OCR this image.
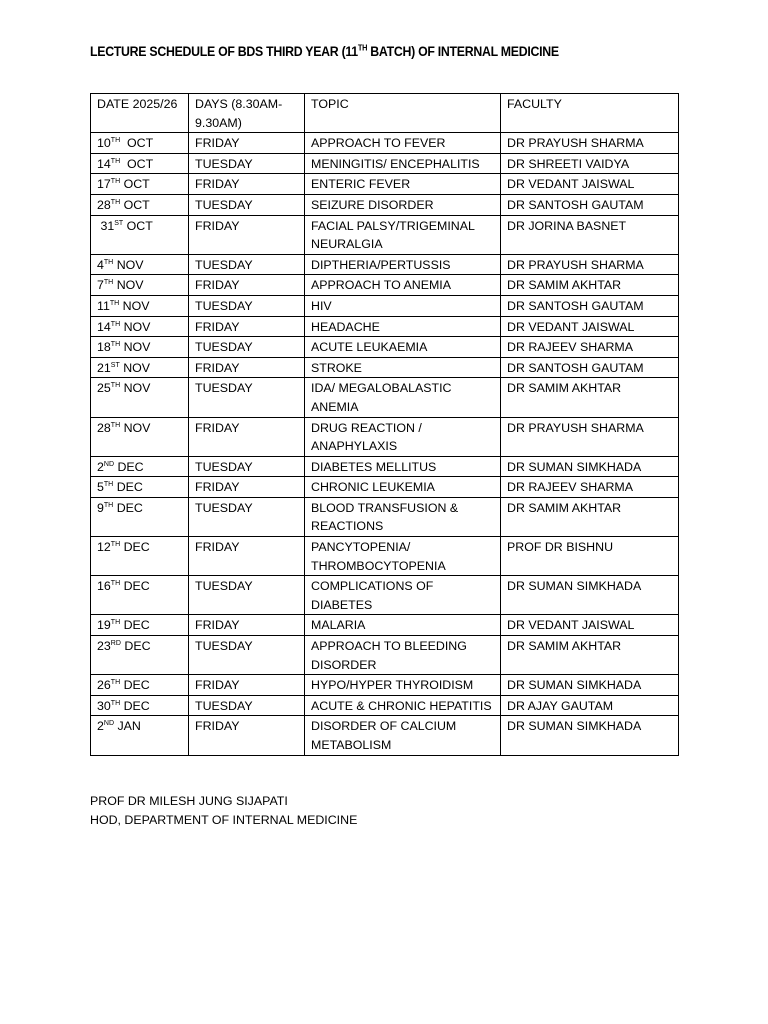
LECTURE SCHEDULE OF BDS THIRD YEAR (11TH BATCH) OF INTERNAL MEDICINE
DATE 2025/26	DAYS (8.30AM-9.30AM)	TOPIC	FACULTY
10TH  OCT	FRIDAY	APPROACH TO FEVER	DR PRAYUSH SHARMA
14TH  OCT	TUESDAY	MENINGITIS/ ENCEPHALITIS	DR SHREETI VAIDYA
17TH OCT	FRIDAY	ENTERIC FEVER	DR VEDANT JAISWAL
28TH OCT	TUESDAY	SEIZURE DISORDER	DR SANTOSH GAUTAM
31ST OCT	FRIDAY	FACIAL PALSY/TRIGEMINAL NEURALGIA	DR JORINA BASNET
4TH NOV	TUESDAY	DIPTHERIA/PERTUSSIS	DR PRAYUSH SHARMA
7TH NOV	FRIDAY	APPROACH TO ANEMIA	DR SAMIM AKHTAR
11TH NOV	TUESDAY	HIV	DR SANTOSH GAUTAM
14TH NOV	FRIDAY	HEADACHE	DR VEDANT JAISWAL
18TH NOV	TUESDAY	ACUTE LEUKAEMIA	DR RAJEEV SHARMA
21ST NOV	FRIDAY	STROKE	DR SANTOSH GAUTAM
25TH NOV	TUESDAY	IDA/ MEGALOBALASTIC ANEMIA	DR SAMIM AKHTAR
28TH NOV	FRIDAY	DRUG REACTION / ANAPHYLAXIS	DR PRAYUSH SHARMA
2ND DEC	TUESDAY	DIABETES MELLITUS	DR SUMAN SIMKHADA
5TH DEC	FRIDAY	CHRONIC LEUKEMIA	DR RAJEEV SHARMA
9TH DEC	TUESDAY	BLOOD TRANSFUSION & REACTIONS	DR SAMIM AKHTAR
12TH DEC	FRIDAY	PANCYTOPENIA/ THROMBOCYTOPENIA	PROF DR BISHNU
16TH DEC	TUESDAY	COMPLICATIONS OF DIABETES	DR SUMAN SIMKHADA
19TH DEC	FRIDAY	MALARIA	DR VEDANT JAISWAL
23RD DEC	TUESDAY	APPROACH TO BLEEDING DISORDER	DR SAMIM AKHTAR
26TH DEC	FRIDAY	HYPO/HYPER THYROIDISM	DR SUMAN SIMKHADA
30TH DEC	TUESDAY	ACUTE & CHRONIC HEPATITIS	DR AJAY GAUTAM
2ND JAN	FRIDAY	DISORDER OF CALCIUM METABOLISM	DR SUMAN SIMKHADA
PROF DR MILESH JUNG SIJAPATI
HOD, DEPARTMENT OF INTERNAL MEDICINE
